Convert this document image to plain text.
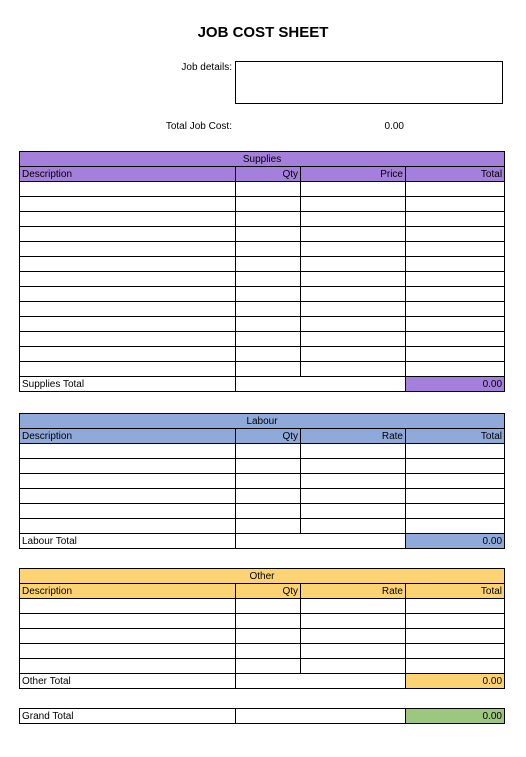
JOB COST SHEET
Job details:
Total Job Cost:	0.00
Supplies			
Description	Qty	Price	Total

Supplies Total			0.00
Labour			
Description	Qty	Rate	Total

Labour Total			0.00
Other			
Description	Qty	Rate	Total

Other Total			0.00
Grand Total		0.00
